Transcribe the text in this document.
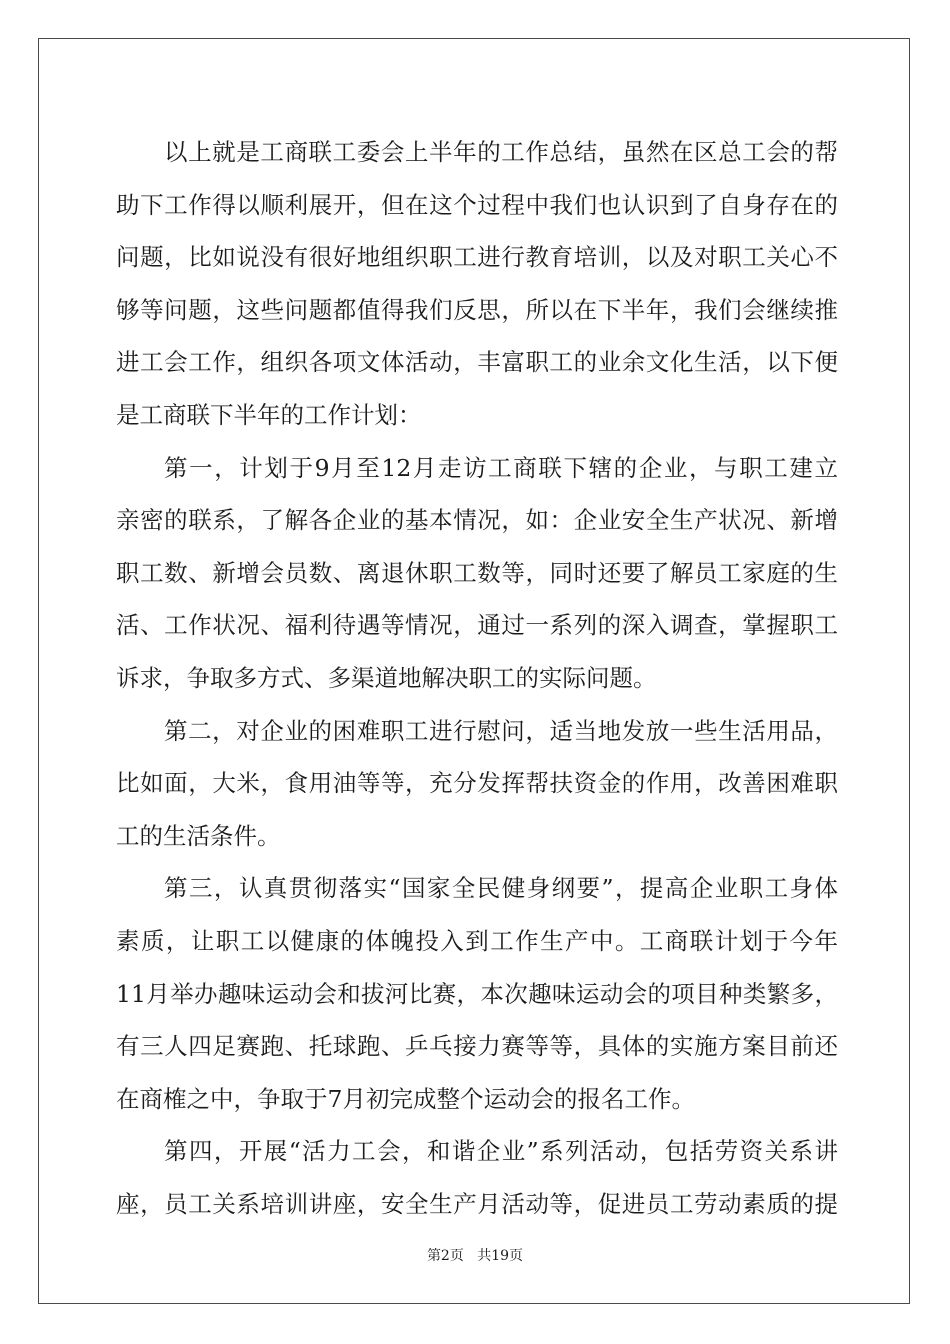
以上就是工商联工委会上半年的工作总结，虽然在区总工会的帮
助下工作得以顺利展开，但在这个过程中我们也认识到了自身存在的
问题，比如说没有很好地组织职工进行教育培训，以及对职工关心不
够等问题，这些问题都值得我们反思，所以在下半年，我们会继续推
进工会工作，组织各项文体活动，丰富职工的业余文化生活，以下便
是工商联下半年的工作计划：
第一，计划于9月至12月走访工商联下辖的企业，与职工建立
亲密的联系，了解各企业的基本情况，如：企业安全生产状况、新增
职工数、新增会员数、离退休职工数等，同时还要了解员工家庭的生
活、工作状况、福利待遇等情况，通过一系列的深入调查，掌握职工
诉求，争取多方式、多渠道地解决职工的实际问题。
第二，对企业的困难职工进行慰问，适当地发放一些生活用品，
比如面，大米，食用油等等，充分发挥帮扶资金的作用，改善困难职
工的生活条件。
第三，认真贯彻落实“国家全民健身纲要”，提高企业职工身体
素质，让职工以健康的体魄投入到工作生产中。工商联计划于今年
11月举办趣味运动会和拔河比赛，本次趣味运动会的项目种类繁多，
有三人四足赛跑、托球跑、乒乓接力赛等等，具体的实施方案目前还
在商榷之中，争取于7月初完成整个运动会的报名工作。
第四，开展“活力工会，和谐企业”系列活动，包括劳资关系讲
座，员工关系培训讲座，安全生产月活动等，促进员工劳动素质的提
第2页 共19页
